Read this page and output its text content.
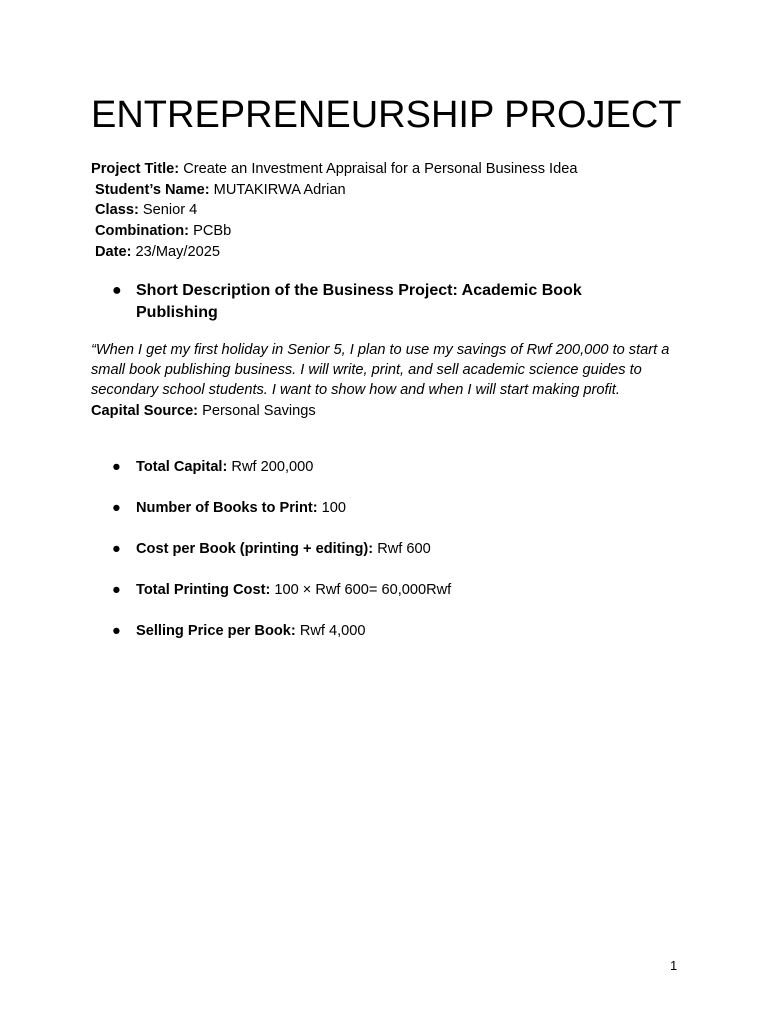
ENTREPRENEURSHIP PROJECT
Project Title: Create an Investment Appraisal for a Personal Business Idea
Student’s Name: MUTAKIRWA Adrian
Class: Senior 4
Combination: PCBb
Date: 23/May/2025
● Short Description of the Business Project: Academic Book Publishing
“When I get my first holiday in Senior 5, I plan to use my savings of Rwf 200,000 to start a small book publishing business. I will write, print, and sell academic science guides to secondary school students. I want to show how and when I will start making profit.
Capital Source: Personal Savings
● Total Capital: Rwf 200,000
● Number of Books to Print: 100
● Cost per Book (printing + editing): Rwf 600
● Total Printing Cost: 100 × Rwf 600= 60,000Rwf
● Selling Price per Book: Rwf 4,000
1
